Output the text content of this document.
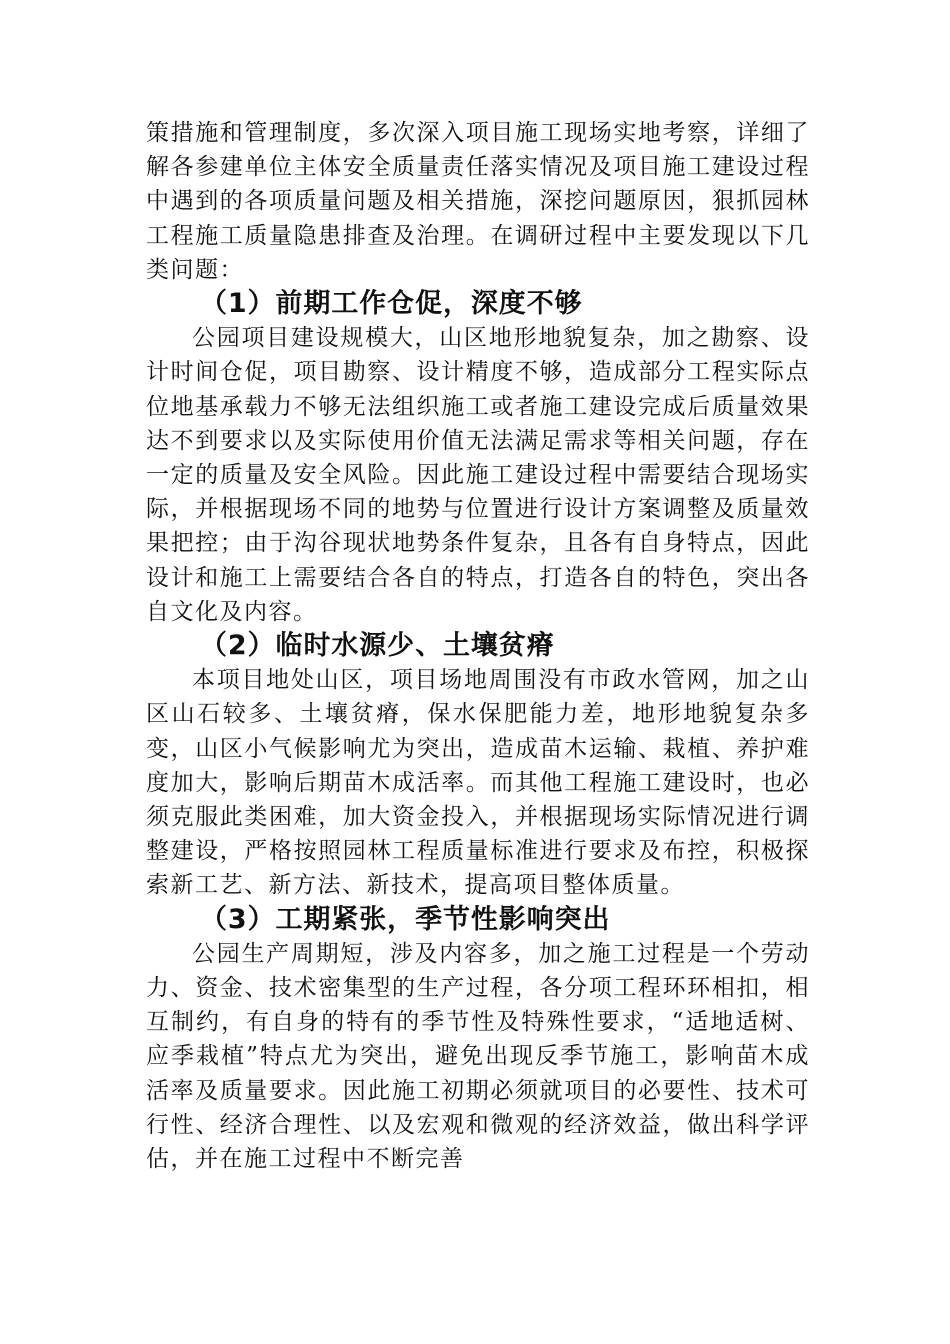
策措施和管理制度，多次深入项目施工现场实地考察，详细了解各参建单位主体安全质量责任落实情况及项目施工建设过程中遇到的各项质量问题及相关措施，深挖问题原因，狠抓园林工程施工质量隐患排查及治理。在调研过程中主要发现以下几类问题：

（1）前期工作仓促，深度不够

公园项目建设规模大，山区地形地貌复杂，加之勘察、设计时间仓促，项目勘察、设计精度不够，造成部分工程实际点位地基承载力不够无法组织施工或者施工建设完成后质量效果达不到要求以及实际使用价值无法满足需求等相关问题，存在一定的质量及安全风险。因此施工建设过程中需要结合现场实际，并根据现场不同的地势与位置进行设计方案调整及质量效果把控；由于沟谷现状地势条件复杂，且各有自身特点，因此设计和施工上需要结合各自的特点，打造各自的特色，突出各自文化及内容。

（2）临时水源少、土壤贫瘠

本项目地处山区，项目场地周围没有市政水管网，加之山区山石较多、土壤贫瘠，保水保肥能力差，地形地貌复杂多变，山区小气候影响尤为突出，造成苗木运输、栽植、养护难度加大，影响后期苗木成活率。而其他工程施工建设时，也必须克服此类困难，加大资金投入，并根据现场实际情况进行调整建设，严格按照园林工程质量标准进行要求及布控，积极探索新工艺、新方法、新技术，提高项目整体质量。

（3）工期紧张，季节性影响突出

公园生产周期短，涉及内容多，加之施工过程是一个劳动力、资金、技术密集型的生产过程，各分项工程环环相扣，相互制约，有自身的特有的季节性及特殊性要求，“适地适树、应季栽植”特点尤为突出，避免出现反季节施工，影响苗木成活率及质量要求。因此施工初期必须就项目的必要性、技术可行性、经济合理性、以及宏观和微观的经济效益，做出科学评估，并在施工过程中不断完善
